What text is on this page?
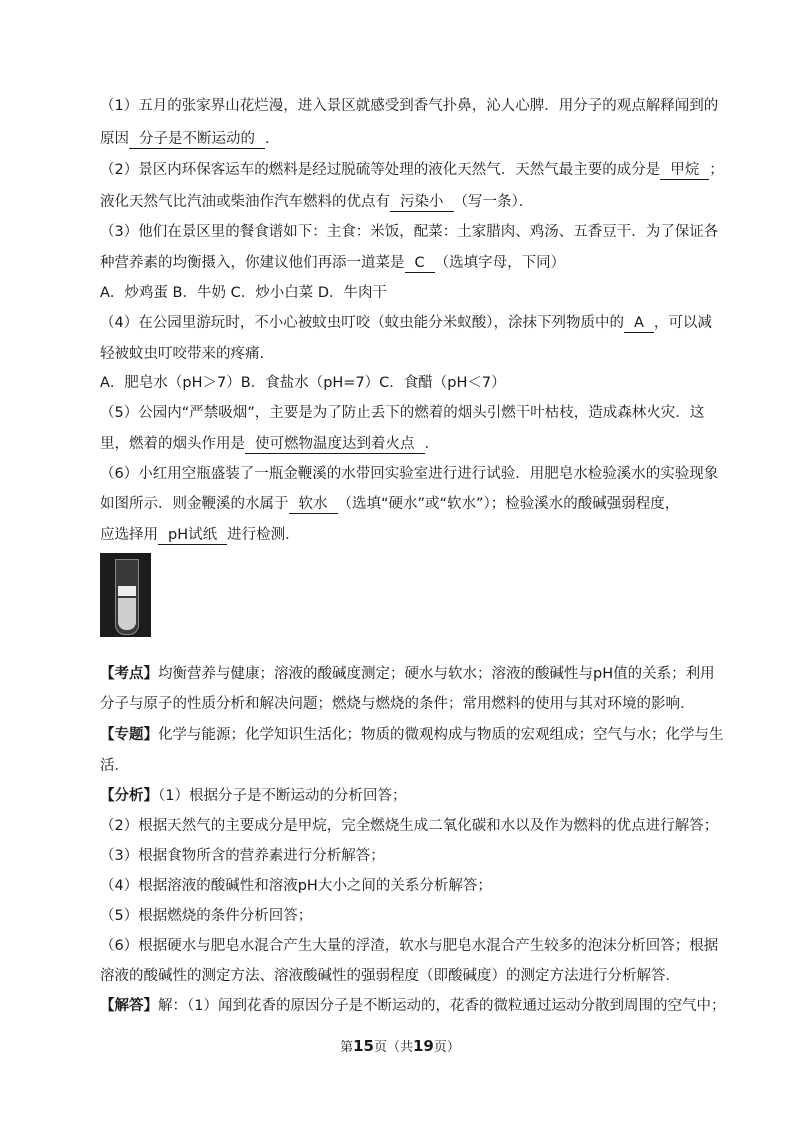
（1）五月的张家界山花烂漫，进入景区就感受到香气扑鼻，沁人心脾．用分子的观点解释闻到的
原因 分子是不断运动的 ．
（2）景区内环保客运车的燃料是经过脱硫等处理的液化天然气．天然气最主要的成分是 甲烷 ；
液化天然气比汽油或柴油作汽车燃料的优点有 污染小 （写一条）．
（3）他们在景区里的餐食谱如下：主食：米饭，配菜：土家腊肉、鸡汤、五香豆干．为了保证各
种营养素的均衡摄入，你建议他们再添一道菜是 C （选填字母，下同）
A．炒鸡蛋 B．牛奶 C．炒小白菜 D．牛肉干
（4）在公园里游玩时，不小心被蚊虫叮咬（蚊虫能分米蚁酸），涂抹下列物质中的 A ，可以减
轻被蚊虫叮咬带来的疼痛．
A．肥皂水（pH＞7）B．食盐水（pH=7）C．食醋（pH＜7）
（5）公园内“严禁吸烟”，主要是为了防止丢下的燃着的烟头引燃干叶枯枝，造成森林火灾．这
里，燃着的烟头作用是 使可燃物温度达到着火点 ．
（6）小红用空瓶盛装了一瓶金鞭溪的水带回实验室进行进行试验．用肥皂水检验溪水的实验现象
如图所示．则金鞭溪的水属于 软水 （选填“硬水”或“软水”）；检验溪水的酸碱强弱程度，
应选择用 pH试纸 进行检测．
【考点】均衡营养与健康；溶液的酸碱度测定；硬水与软水；溶液的酸碱性与pH值的关系；利用
分子与原子的性质分析和解决问题；燃烧与燃烧的条件；常用燃料的使用与其对环境的影响．
【专题】化学与能源；化学知识生活化；物质的微观构成与物质的宏观组成；空气与水；化学与生
活．
【分析】（1）根据分子是不断运动的分析回答；
（2）根据天然气的主要成分是甲烷，完全燃烧生成二氧化碳和水以及作为燃料的优点进行解答；
（3）根据食物所含的营养素进行分析解答；
（4）根据溶液的酸碱性和溶液pH大小之间的关系分析解答；
（5）根据燃烧的条件分析回答；
（6）根据硬水与肥皂水混合产生大量的浮渣，软水与肥皂水混合产生较多的泡沫分析回答；根据
溶液的酸碱性的测定方法、溶液酸碱性的强弱程度（即酸碱度）的测定方法进行分析解答．
【解答】解：（1）闻到花香的原因分子是不断运动的，花香的微粒通过运动分散到周围的空气中；
第15页（共19页）
